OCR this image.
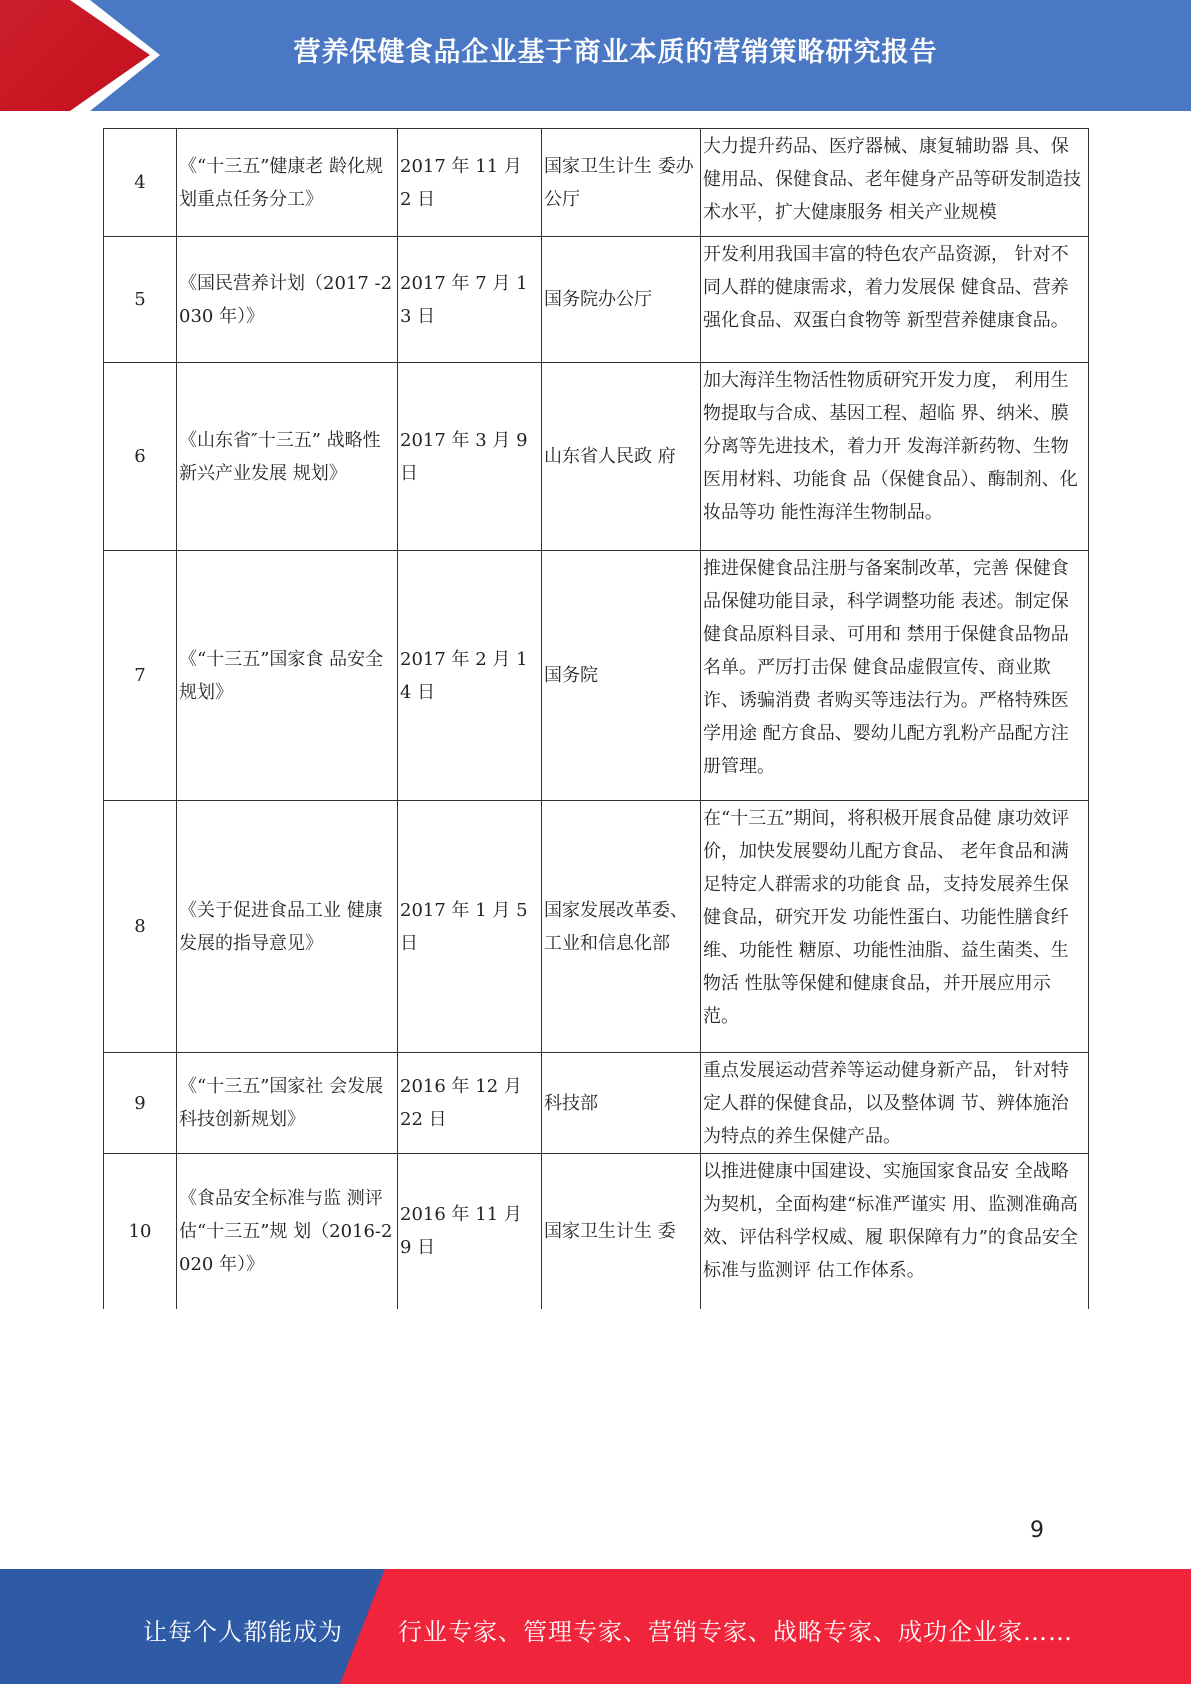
营养保健食品企业基于商业本质的营销策略研究报告
4	《“十三五”健康老 龄化规划重点任务分工》	2017 年 11 月 2 日	国家卫生计生 委办公厅	大力提升药品、医疗器械、康复辅助器 具、保健用品、保健食品、老年健身产品等研发制造技术水平，扩大健康服务 相关产业规模
5	《国民营养计划（2017 -2030 年）》	2017 年 7 月 13 日	国务院办公厅	开发利用我国丰富的特色农产品资源， 针对不同人群的健康需求，着力发展保 健食品、营养强化食品、双蛋白食物等 新型营养健康食品。
6	《山东省″十三五” 战略性新兴产业发展 规划》	2017 年 3 月 9 日	山东省人民政 府	加大海洋生物活性物质研究开发力度， 利用生物提取与合成、基因工程、超临 界、纳米、膜分离等先进技术，着力开 发海洋新药物、生物医用材料、功能食 品（保健食品）、酶制剂、化妆品等功 能性海洋生物制品。
7	《“十三五”国家食 品安全规划》	2017 年 2 月 14 日	国务院	推进保健食品注册与备案制改革，完善 保健食品保健功能目录，科学调整功能 表述。制定保健食品原料目录、可用和 禁用于保健食品物品名单。严厉打击保 健食品虚假宣传、商业欺诈、诱骗消费 者购买等违法行为。严格特殊医学用途 配方食品、婴幼儿配方乳粉产品配方注 册管理。
8	《关于促进食品工业 健康发展的指导意见》	2017 年 1 月 5 日	国家发展改革委、工业和信息化部	在“十三五”期间，将积极开展食品健 康功效评价，加快发展婴幼儿配方食品、 老年食品和满足特定人群需求的功能食 品，支持发展养生保健食品，研究开发 功能性蛋白、功能性膳食纤维、功能性 糖原、功能性油脂、益生菌类、生物活 性肽等保健和健康食品，并开展应用示 范。
9	《“十三五”国家社 会发展科技创新规划》	2016 年 12 月 22 日	科技部	重点发展运动营养等运动健身新产品， 针对特定人群的保健食品，以及整体调 节、辨体施治为特点的养生保健产品。
10	《食品安全标准与监 测评估“十三五”规 划（2016-2020 年）》	2016 年 11 月 9 日	国家卫生计生 委	以推进健康中国建设、实施国家食品安 全战略为契机，全面构建“标准严谨实 用、监测准确高效、评估科学权威、履 职保障有力”的食品安全标准与监测评 估工作体系。
9
让每个人都能成为 行业专家、管理专家、营销专家、战略专家、成功企业家……
